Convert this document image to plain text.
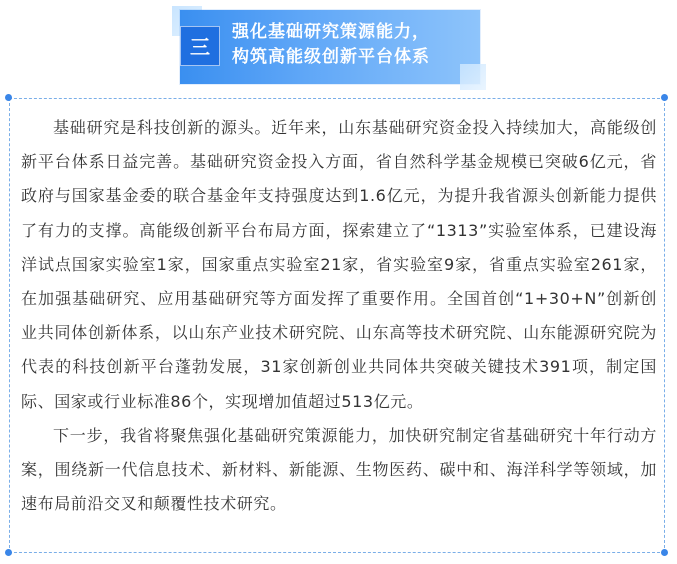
三
强化基础研究策源能力，
构筑高能级创新平台体系

基础研究是科技创新的源头。近年来，山东基础研究资金投入持续加大，高能级创新平台体系日益完善。基础研究资金投入方面，省自然科学基金规模已突破6亿元，省政府与国家基金委的联合基金年支持强度达到1.6亿元，为提升我省源头创新能力提供了有力的支撑。高能级创新平台布局方面，探索建立了“1313”实验室体系，已建设海洋试点国家实验室1家，国家重点实验室21家，省实验室9家，省重点实验室261家，在加强基础研究、应用基础研究等方面发挥了重要作用。全国首创“1+30+N”创新创业共同体创新体系，以山东产业技术研究院、山东高等技术研究院、山东能源研究院为代表的科技创新平台蓬勃发展，31家创新创业共同体共突破关键技术391项，制定国际、国家或行业标准86个，实现增加值超过513亿元。

下一步，我省将聚焦强化基础研究策源能力，加快研究制定省基础研究十年行动方案，围绕新一代信息技术、新材料、新能源、生物医药、碳中和、海洋科学等领域，加速布局前沿交叉和颠覆性技术研究。
